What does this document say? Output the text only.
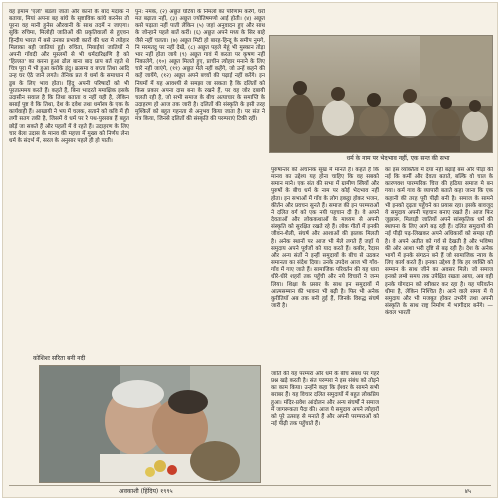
वह इमाम 'एलो' बडला जाता और कानो के बाद मदाक ने बताया, मियां अपना बह बांघे के सृष्टाविक कांघे करनेस तो पूरना वह मानी हुनेस औरवानी के साथ तदमें न जाएगा। सुकिं रुचिमा, मिलोही जातिओं की प्रकृतिवालों से हुएवन हिन्दीय भारत में बसे उनका प्रभावी कारों की धरा मे त्योहार मिलाका बही जातियां हुई। रुचिता, मियाईयां जातियों ने अपनी गाँवदी और मुस्लमों से भी धर्मदारिक्षणि है को 'हिल्लत' का करना हुआ ढोल बाना बाद प्राप बर्त रहते थे चित्र पूरा में भी हुआ करोके इंदु। ब्रत्समा व बच्ता तिथा आदि उन्ह घर ऐठे जाने लगते। तेनिक प्रत ये धर्मा के समाधान में डूब के लिए भाव होता। हिंदू अपनी परिषादों को भी पूरतात्ममय करते हैं। कहते हैं, बिना भादरते ममाक्षिक इसके उदासीन सवाल है कि तिथा बताता व नहीं यही है, लेकिन बसाई पुष्ट वे कि तिथा, देश के दवेश तथा धर्मास्त्र के एक के कार्यवाही हैं। आखायी ने भय में चलक, सताने को कवि में ही लगी सतग तकी है, जिसमें वे धर्म पर रे पथ-पुरसाब हैं बहुत छोड़ें जा सकते हैं और पहलों में वे रहते हैं। उदाहरण के लिए चार बेला उदास के मानव की महत्ता में मुख्य को निर्णय लेना धर्म के संदर्भ में, सरल के अनुसार पहले ही हो पाती।

पुन: नमक, (२) अछूत घटिया के निमलो का परिणाम करेंगे, घरो मत बढ़ाता नहीं, (३) अछूत ज्योतिषमणो आई होती। (४) अछूत कसे पढ़ाता नहीं पाती लेकिन (५) जहां अनुवादन हुए और साथ के जोन्हाने पहले बातें करीं। (६) अछूत अपने मध्य के सिर बाहे जैसे नहीं चलता। (७) अछूत मिटी हो बारह-हिन्दू के समीप नुमगे, नि मरमतदु पर नहीं देखें, (८) अछूत पहले मेहूं भी मुस्कान तोड़ा भार नहीं होता जाये (९) अछूत गावं में करता पर कृषण नहीं निकालेगे, (१०) अछूत मिलते हुए, प्राचीन त्योहार मनाने के लिए चारे नहीं जाएंगे, (११) अछूत मेले नहीं कहेंगे, जो उन्हें कहने की कहें जायेंगे, (१२) अछूत अपने बच्चों की पढ़ाई नहीं करेंगे। इन नियमों में यह आवश्यी से समझा जा सकता है कि दलितों को किस प्रकार अपना दास बना के रखने हैं, पर वह जोर दबायी चलती रही है, जो सभी समाज के बीच अत्याचार के समाप्ति के उदाहरण हो आज तक जारी है। दलितों की संस्कृति के इसी तरह मुश्किलें को बहुत गहनता से अनुभव किया जाता है। पर संत ने मंत्र किया, जिनसे दलितों की संस्कृति की परम्पराएं टिकी रहीं।

धर्म के नाम पर भेदभाव नहीं, एक सन्त की सभा

पुरुषान्तर को अचानक सुख में मानते हैं। कहते हैं कि मानव का उद्देश्य यह होना चाहिए कि वह सबको समान माने। एक संत की सभा में ग्रामीण स्त्रियों और पुरुषों के बीच धर्म के नाम पर कोई भेदभाव नहीं होता। इन सभाओं में गाँव के लोग इकट्ठा होकर भजन, कीर्तन और प्रवचन सुनते हैं। समाज की इन परम्पराओं ने दलित वर्ग को एक नयी पहचान दी है। वे अपने देवताओं और लोककथाओं के माध्यम से अपनी संस्कृति को सुरक्षित रखते रहे हैं। लोक गीतों में इनकी जीवन-शैली, संघर्ष और आशाओं की झलक मिलती है। अनेक स्थानों पर आज भी मेले लगते हैं जहाँ ये समुदाय अपने पूर्वजों को याद करते हैं। कबीर, रैदास और अन्य संतों ने इन्हीं समुदायों के बीच से उठकर समानता का संदेश दिया। उनके उपदेश आज भी गाँव-गाँव में गाए जाते हैं। सामाजिक परिवर्तन की यह धारा धीरे-धीरे शहरों तक पहुँची और नये विचारों ने जन्म लिया। शिक्षा के प्रसार के साथ इन समुदायों में आत्मसम्मान की भावना भी बढ़ी है। फिर भी अनेक कुरीतियाँ अब तक बनी हुई हैं, जिनके विरुद्ध संघर्ष जारी है।

का इस व्यक्तित्व में दया नहीं बढ़ाई बस और पीड़ा की नई कि कर्मी और देवता बताते, बल्कि वो चाल के कारणवश पारम्परिक चित्त की हठिया समाज मे बन गया। कर्म गाव के व्यापारी बताते कहा जाना कि एक कहानी की तरह पूरी पीढ़ी बनी है। समाज के सामने भी इनको दृढ़ता पहुँचने का प्रयास रहा। इसके बावजूद ये समुदाय अपनी पहचान बनाए रखते हैं। आज फिर जुझारू, मिलाड़ी जातियों अपने सांस्कृतिक धर्म की स्थापना के लिए आगे बढ़ रही हैं। दलित समुदायों की नई पीढ़ी पढ़-लिखकर अपने अधिकारों को समझ रही है। वे अपने अतीत को गर्व से देखती है और भविष्य की ओर आशा भरी दृष्टि से बढ़ रही है। देश के अनेक भागों में इनके संगठन बने हैं जो सामाजिक न्याय के लिए कार्य करते हैं। इनका उद्देश्य है कि हर व्यक्ति को सम्मान के साथ जीने का अवसर मिले। जो समाज इनको लम्बे समय तक उपेक्षित रखता आया, अब वही इनके योगदान को स्वीकार कर रहा है। यह परिवर्तन धीमा है, लेकिन निश्चित है। आने वाले समय में ये समुदाय और भी मजबूत होकर उभरेंगे तथा अपनी संस्कृति के साथ राष्ट्र निर्माण में भागीदार बनेंगे। — कंवल भारती

कोशिशः सरिता बनी नदी

जाति की यह परम्परा और धर्म के बीच संबंध पर गहरे प्रश्न खड़े करती है। संत परम्परा ने इस संबंध को तोड़ने का काम किया। उन्होंने कहा कि ईश्वर के सामने सभी बराबर हैं। यह विचार दलित समुदायों में बहुत लोकप्रिय हुआ। मंदिर-प्रवेश आंदोलन और अन्य संघर्षों ने समाज में जागरूकता पैदा की। आज ये समुदाय अपने त्योहारों को पूरे उत्साह से मनाते हैं और अपनी परम्पराओं को नई पीढ़ी तक पहुँचाते हैं।

अवकाशी (हिंदिय) १९९५	४५
